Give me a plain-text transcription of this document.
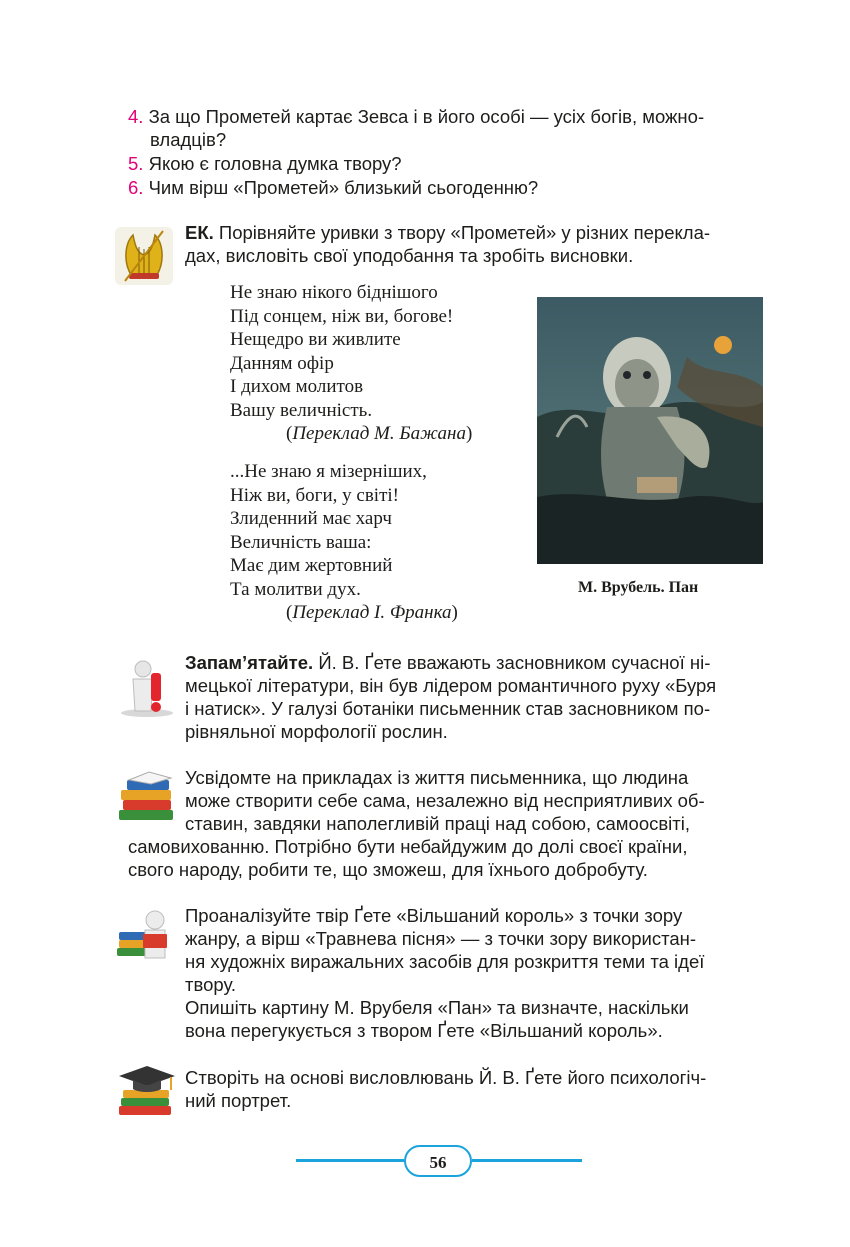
4. За що Прометей картає Зевса і в його особі — усіх богів, можно-
владців?
5. Якою є головна думка твору?
6. Чим вірш «Прометей» близький сьогоденню?
ЕК. Порівняйте уривки з твору «Прометей» у різних перекла-
дах, висловіть свої уподобання та зробіть висновки.
Не знаю нікого біднішого
Під сонцем, ніж ви, богове!
Нещедро ви живлите
Данням офір
І дихом молитов
Вашу величність.
(Переклад М. Бажана)
...Не знаю я мізерніших,
Ніж ви, боги, у світі!
Злиденний має харч
Величність ваша:
Має дим жертовний
Та молитви дух.
(Переклад І. Франка)
М. Врубель. Пан
Запам’ятайте. Й. В. Ґете вважають засновником сучасної ні-
мецької літератури, він був лідером романтичного руху «Буря
і натиск». У галузі ботаніки письменник став засновником по-
рівняльної морфології рослин.
Усвідомте на прикладах із життя письменника, що людина
може створити себе сама, незалежно від несприятливих об-
ставин, завдяки наполегливій праці над собою, самоосвіті,
самовихованню. Потрібно бути небайдужим до долі своєї країни,
свого народу, робити те, що зможеш, для їхнього добробуту.
Проаналізуйте твір Ґете «Вільшаний король» з точки зору
жанру, а вірш «Травнева пісня» — з точки зору використан-
ня художніх виражальних засобів для розкриття теми та ідеї
твору.
Опишіть картину М. Врубеля «Пан» та визначте, наскільки
вона перегукується з твором Ґете «Вільшаний король».
Створіть на основі висловлювань Й. В. Ґете його психологіч-
ний портрет.
56
